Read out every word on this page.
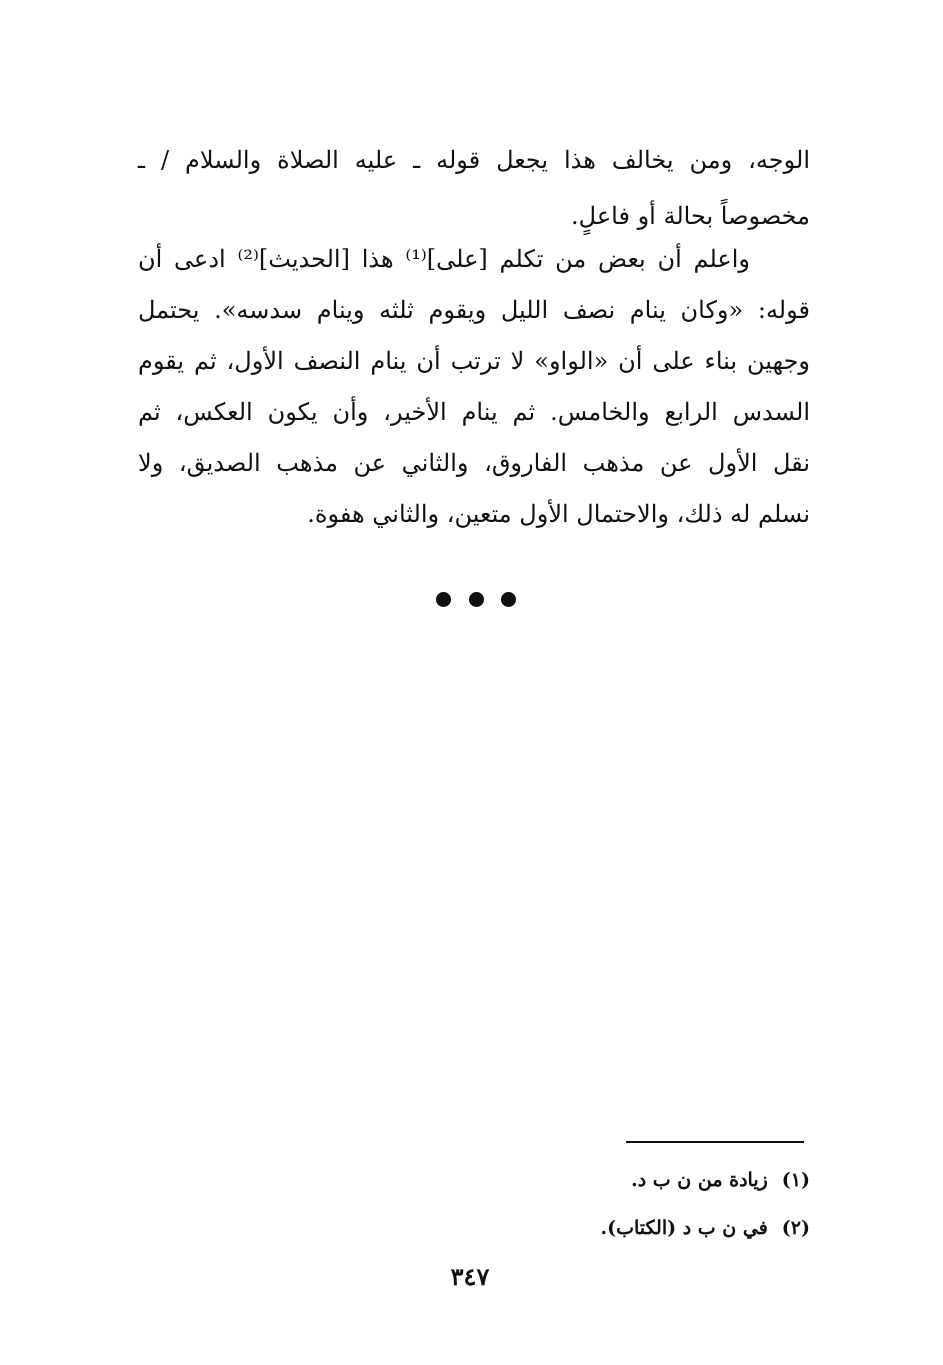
الوجه، ومن يخالف هذا يجعل قوله ـ عليه الصلاة والسلام / ـ
مخصوصاً بحالة أو فاعلٍ.
واعلم أن بعض من تكلم [على]⁽¹⁾ هذا [الحديث]⁽²⁾ ادعى أن
قوله: «وكان ينام نصف الليل ويقوم ثلثه وينام سدسه». يحتمل
وجهين بناء على أن «الواو» لا ترتب أن ينام النصف الأول، ثم يقوم
السدس الرابع والخامس. ثم ينام الأخير، وأن يكون العكس، ثم
نقل الأول عن مذهب الفاروق، والثاني عن مذهب الصديق، ولا
نسلم له ذلك، والاحتمال الأول متعين، والثاني هفوة.
(١)زيادة من ن ب د.
(٢)في ن ب د (الكتاب).
٣٤٧
